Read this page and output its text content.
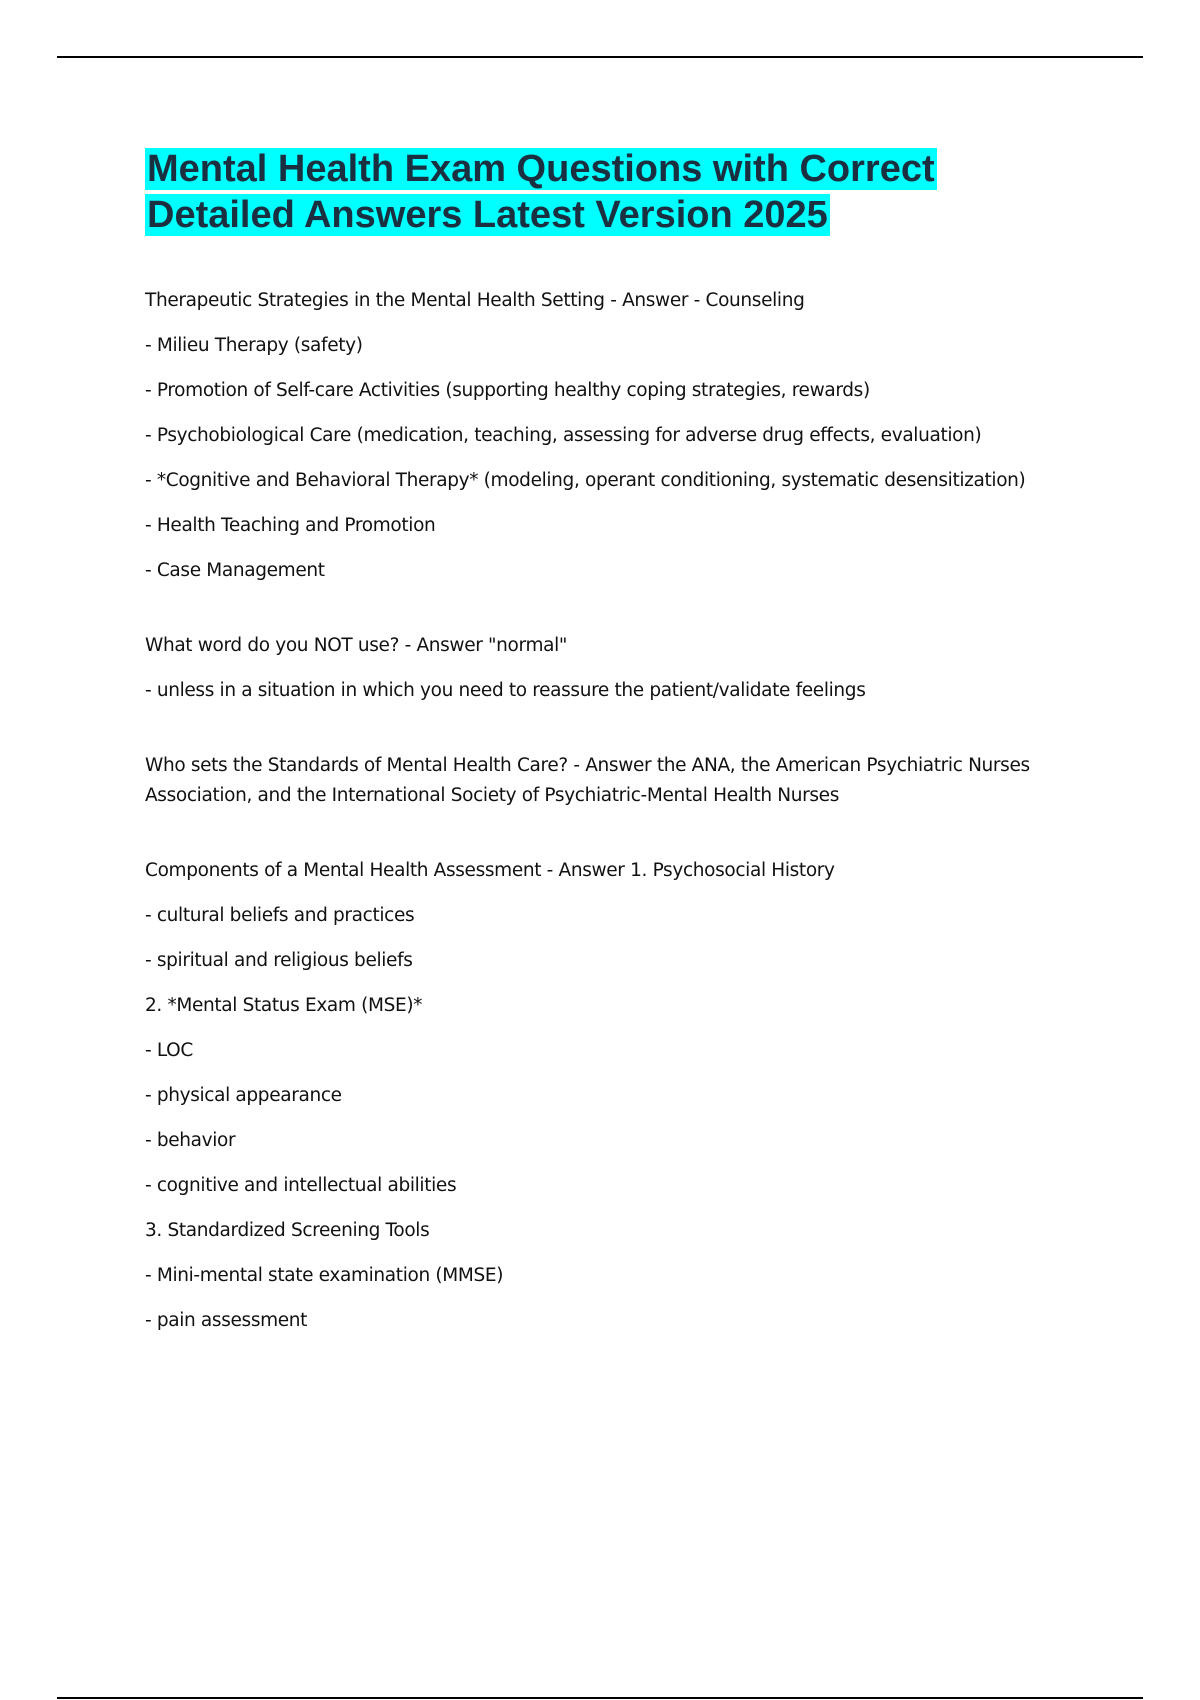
Mental Health Exam Questions with Correct
Detailed Answers Latest Version 2025

Therapeutic Strategies in the Mental Health Setting - Answer - Counseling

- Milieu Therapy (safety)

- Promotion of Self-care Activities (supporting healthy coping strategies, rewards)

- Psychobiological Care (medication, teaching, assessing for adverse drug effects, evaluation)

- *Cognitive and Behavioral Therapy* (modeling, operant conditioning, systematic desensitization)

- Health Teaching and Promotion

- Case Management

What word do you NOT use? - Answer "normal"

- unless in a situation in which you need to reassure the patient/validate feelings

Who sets the Standards of Mental Health Care? - Answer the ANA, the American Psychiatric Nurses Association, and the International Society of Psychiatric-Mental Health Nurses

Components of a Mental Health Assessment - Answer 1. Psychosocial History

- cultural beliefs and practices

- spiritual and religious beliefs

2. *Mental Status Exam (MSE)*

- LOC

- physical appearance

- behavior

- cognitive and intellectual abilities

3. Standardized Screening Tools

- Mini-mental state examination (MMSE)

- pain assessment
